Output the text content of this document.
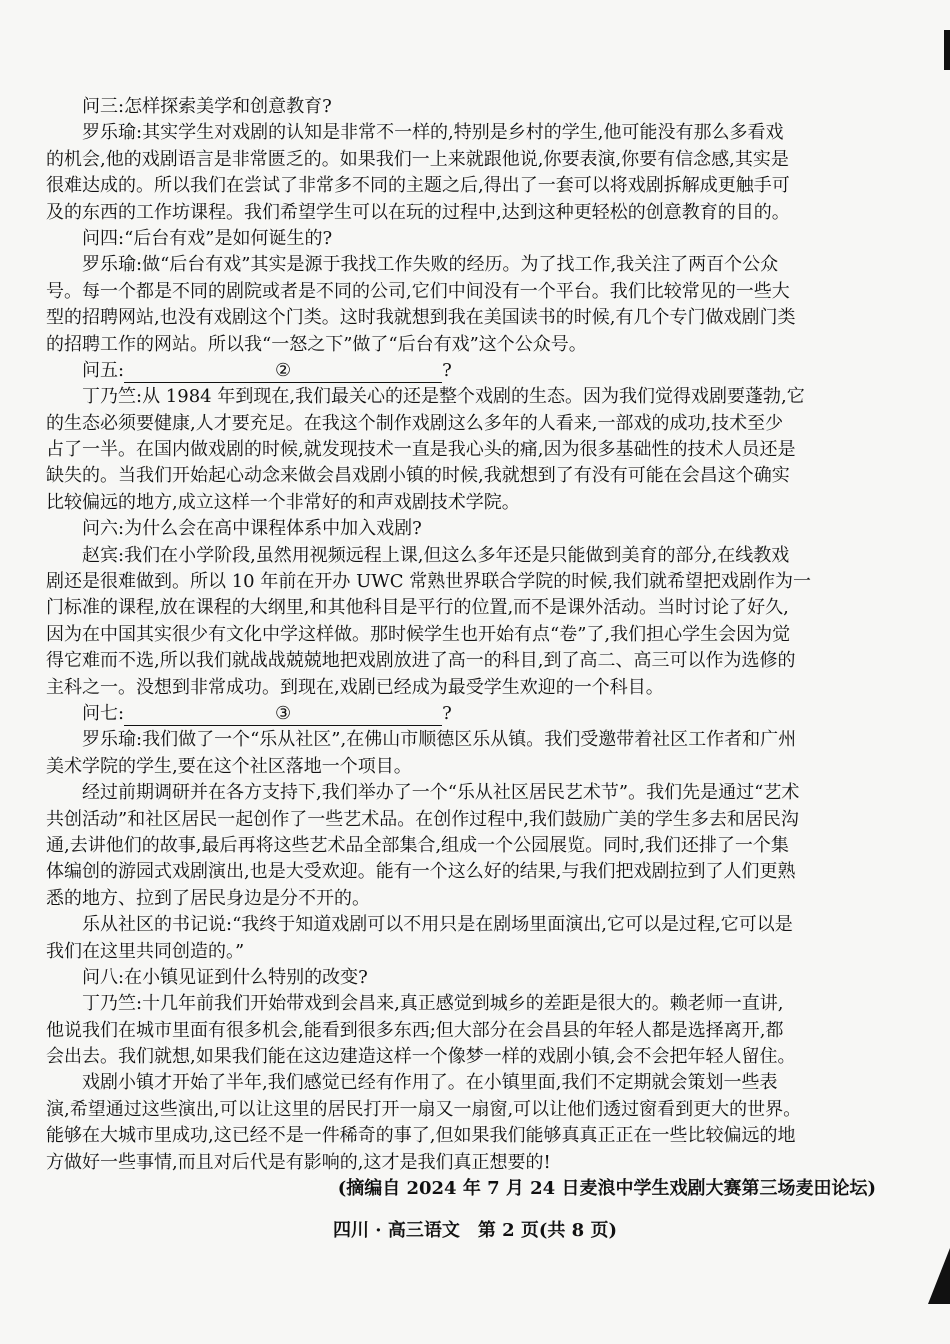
问三:怎样探索美学和创意教育?
罗乐瑜:其实学生对戏剧的认知是非常不一样的,特别是乡村的学生,他可能没有那么多看戏
的机会,他的戏剧语言是非常匮乏的。如果我们一上来就跟他说,你要表演,你要有信念感,其实是
很难达成的。所以我们在尝试了非常多不同的主题之后,得出了一套可以将戏剧拆解成更触手可
及的东西的工作坊课程。我们希望学生可以在玩的过程中,达到这种更轻松的创意教育的目的。
问四:“后台有戏”是如何诞生的?
罗乐瑜:做“后台有戏”其实是源于我找工作失败的经历。为了找工作,我关注了两百个公众
号。每一个都是不同的剧院或者是不同的公司,它们中间没有一个平台。我们比较常见的一些大
型的招聘网站,也没有戏剧这个门类。这时我就想到我在美国读书的时候,有几个专门做戏剧门类
的招聘工作的网站。所以我“一怒之下”做了“后台有戏”这个公众号。
问五:	②	?
丁乃竺:从 1984 年到现在,我们最关心的还是整个戏剧的生态。因为我们觉得戏剧要蓬勃,它
的生态必须要健康,人才要充足。在我这个制作戏剧这么多年的人看来,一部戏的成功,技术至少
占了一半。在国内做戏剧的时候,就发现技术一直是我心头的痛,因为很多基础性的技术人员还是
缺失的。当我们开始起心动念来做会昌戏剧小镇的时候,我就想到了有没有可能在会昌这个确实
比较偏远的地方,成立这样一个非常好的和声戏剧技术学院。
问六:为什么会在高中课程体系中加入戏剧?
赵宾:我们在小学阶段,虽然用视频远程上课,但这么多年还是只能做到美育的部分,在线教戏
剧还是很难做到。所以 10 年前在开办 UWC 常熟世界联合学院的时候,我们就希望把戏剧作为一
门标准的课程,放在课程的大纲里,和其他科目是平行的位置,而不是课外活动。当时讨论了好久,
因为在中国其实很少有文化中学这样做。那时候学生也开始有点“卷”了,我们担心学生会因为觉
得它难而不选,所以我们就战战兢兢地把戏剧放进了高一的科目,到了高二、高三可以作为选修的
主科之一。没想到非常成功。到现在,戏剧已经成为最受学生欢迎的一个科目。
问七:	③	?
罗乐瑜:我们做了一个“乐从社区”,在佛山市顺德区乐从镇。我们受邀带着社区工作者和广州
美术学院的学生,要在这个社区落地一个项目。
经过前期调研并在各方支持下,我们举办了一个“乐从社区居民艺术节”。我们先是通过“艺术
共创活动”和社区居民一起创作了一些艺术品。在创作过程中,我们鼓励广美的学生多去和居民沟
通,去讲他们的故事,最后再将这些艺术品全部集合,组成一个公园展览。同时,我们还排了一个集
体编创的游园式戏剧演出,也是大受欢迎。能有一个这么好的结果,与我们把戏剧拉到了人们更熟
悉的地方、拉到了居民身边是分不开的。
乐从社区的书记说:“我终于知道戏剧可以不用只是在剧场里面演出,它可以是过程,它可以是
我们在这里共同创造的。”
问八:在小镇见证到什么特别的改变?
丁乃竺:十几年前我们开始带戏到会昌来,真正感觉到城乡的差距是很大的。赖老师一直讲,
他说我们在城市里面有很多机会,能看到很多东西;但大部分在会昌县的年轻人都是选择离开,都
会出去。我们就想,如果我们能在这边建造这样一个像梦一样的戏剧小镇,会不会把年轻人留住。
戏剧小镇才开始了半年,我们感觉已经有作用了。在小镇里面,我们不定期就会策划一些表
演,希望通过这些演出,可以让这里的居民打开一扇又一扇窗,可以让他们透过窗看到更大的世界。
能够在大城市里成功,这已经不是一件稀奇的事了,但如果我们能够真真正正在一些比较偏远的地
方做好一些事情,而且对后代是有影响的,这才是我们真正想要的!
(摘编自 2024 年 7 月 24 日麦浪中学生戏剧大赛第三场麦田论坛)
四川 · 高三语文　第 2 页(共 8 页)
